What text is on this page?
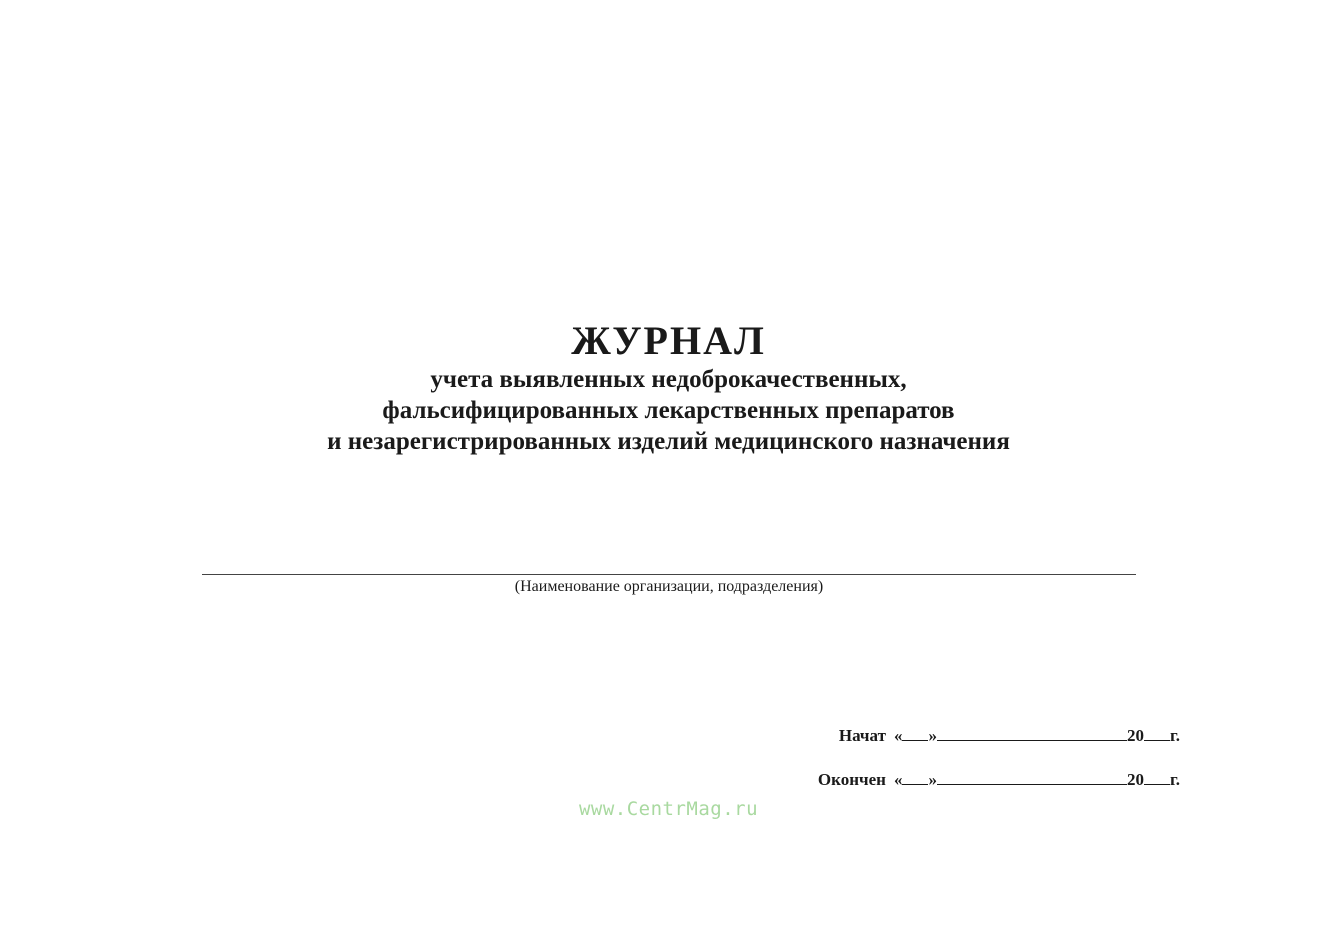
ЖУРНАЛ

учета выявленных недоброкачественных,

фальсифицированных лекарственных препаратов

и незарегистрированных изделий медицинского назначения

(Наименование организации, подразделения)
Начат « »	20 г.
Окончен « »	20 г.
www.CentrMag.ru
